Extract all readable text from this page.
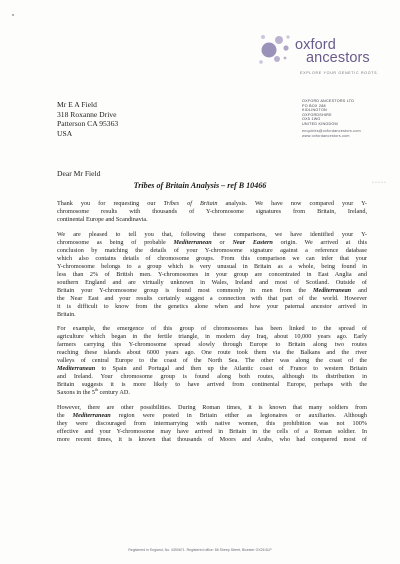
oxford
ancestors
EXPLORE YOUR GENETIC ROOTS
OXFORD ANCESTORS LTD
PO BOX 288
KIDLINGTON
OXFORDSHIRE
OX5 1WG
UNITED KINGDOM
enquiries@oxfordancestors.com
www.oxfordancestors.com
Mr E A Field
318 Roxanne Drive
Patterson CA 95363
USA
Dear Mr Field
Tribes of Britain Analysis – ref B 10466	·····
Thank you for requesting our Tribes of Britain analysis. We have now compared your Y-
chromosome results with thousands of Y-chromosome signatures from Britain, Ireland,
continental Europe and Scandinavia.
We are pleased to tell you that, following these comparisons, we have identified your Y-
chromosome as being of probable Mediterranean or Near Eastern origin. We arrived at this
conclusion by matching the details of your Y-chromosome signature against a reference database
which also contains details of chromosome groups. From this comparison we can infer that your
Y-chromosome belongs to a group which is very unusual in Britain as a whole, being found in
less than 2% of British men. Y-chromosomes in your group are concentrated in East Anglia and
southern England and are virtually unknown in Wales, Ireland and most of Scotland. Outside of
Britain your Y-chromosome group is found most commonly in men from the Mediterranean and
the Near East and your results certainly suggest a connection with that part of the world. However
it is difficult to know from the genetics alone when and how your paternal ancestor arrived in
Britain.
For example, the emergence of this group of chromosomes has been linked to the spread of
agriculture which began in the fertile triangle, in modern day Iraq, about 10,000 years ago. Early
farmers carrying this Y-chromosome spread slowly through Europe to Britain along two routes
reaching these islands about 6000 years ago. One route took them via the Balkans and the river
valleys of central Europe to the coast of the North Sea. The other was along the coast of the
Mediterranean to Spain and Portugal and then up the Atlantic coast of France to western Britain
and Ireland. Your chromosome group is found along both routes, although its distribution in
Britain suggests it is more likely to have arrived from continental Europe, perhaps with the
Saxons in the 5th century AD.
However, there are other possibilities. During Roman times, it is known that many soldiers from
the Mediterranean region were posted in Britain either as legionaires or auxiliaries. Although
they were discouraged from intermarrying with native women, this prohibition was not 100%
effective and your Y-chromosome may have arrived in Britain in the cells of a Roman soldier. In
more recent times, it is known that thousands of Moors and Arabs, who had conquered most of
Registered in England, No. 4390671. Registered office: 86 Sheep Street, Bicester OX26 6LP
